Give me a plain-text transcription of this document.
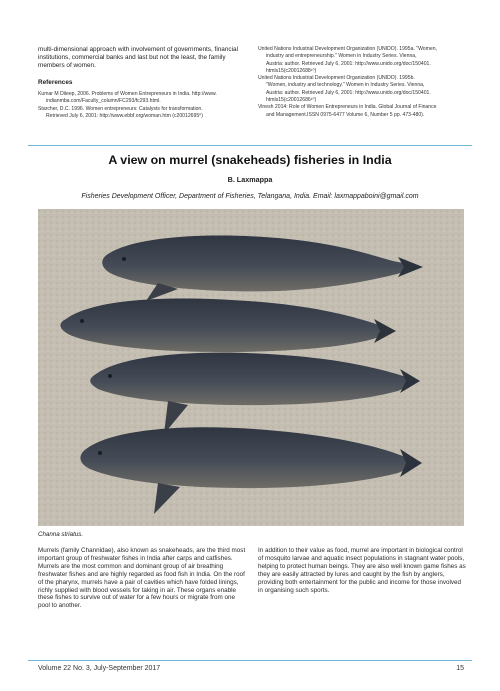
multi-dimensional approach with involvement of governments, financial institutions, commercial banks and last but not the least, the family members of women.

References

Kumar M Dileep, 2006. Problems of Women Entrepreneurs in India. http://www.
indianmba.com/Faculty_column/FC293/fc293.html.

Starcher, D.C. 1996. Women entrepreneurs: Catalysts for transformation.
Retrieved July 6, 2001: http://www.ebbf.org/woman.htm (c20012695⁰)

United Nations Industrial Development Organization (UNIDO). 1995a. "Women,
industry and entrepreneurship." Women in Industry Series. Vienna,
Austria: author. Retrieved July 6, 2001: http://www.unido.org/doc/150401.
htmls15(c20012688¹⁰)

United Nations Industrial Development Organization (UNIDO). 1995b.
"Women, industry and technology." Women in Industry Series. Vienna,
Austria: author. Retrieved July 6, 2001: http://www.unido.org/doc/150401.
htmls15(c20012686¹⁰)

Vinesh 2014: Role of Women Entrepreneurs in India. Global Journal of Finance
and Management.ISSN 0975-6477 Volume 6, Number 5 pp. 473-480).

A view on murrel (snakeheads) fisheries in India

B. Laxmappa

Fisheries Development Officer, Department of Fisheries, Telangana, India. Email: laxmappaboini@gmail.com

Channa striatus.

Murrels (family Channidae), also known as snakeheads, are the third most important group of freshwater fishes in India after carps and catfishes. Murrels are the most common and dominant group of air breathing freshwater fishes and are highly regarded as food fish in India. On the roof of the pharynx, murrels have a pair of cavities which have folded linings, richly supplied with blood vessels for taking in air. These organs enable these fishes to survive out of water for a few hours or migrate from one pool to another.

In addition to their value as food, murrel are important in biological control of mosquito larvae and aquatic insect populations in stagnant water pools, helping to protect human beings. They are also well known game fishes as they are easily attracted by lures and caught by the fish by anglers, providing both entertainment for the public and income for those involved in organising such sports.

Volume 22 No. 3, July-September 2017	15
